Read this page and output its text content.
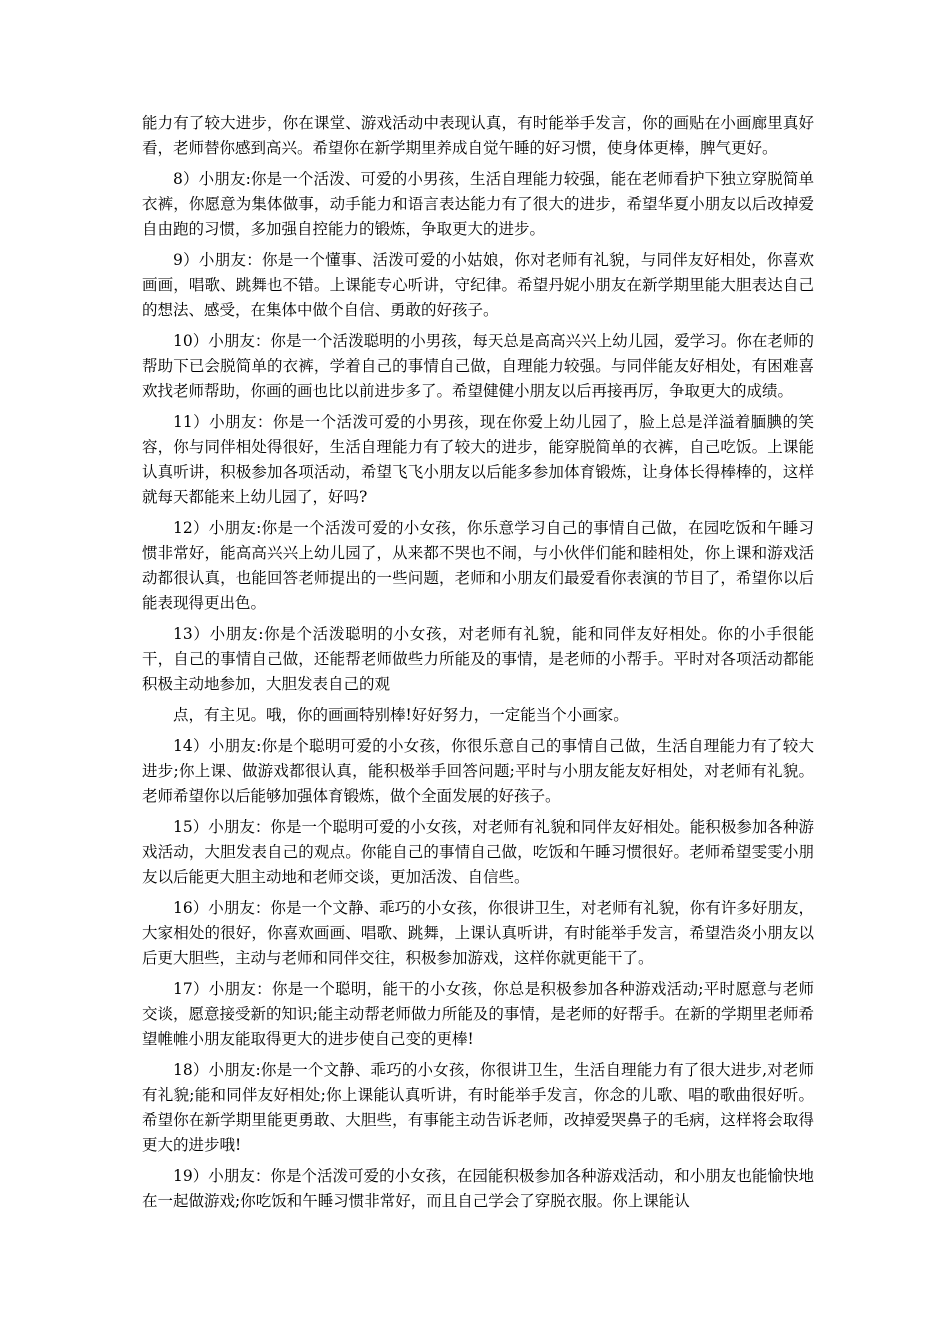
能力有了较大进步，你在课堂、游戏活动中表现认真，有时能举手发言，你的画贴在小画廊里真好看，老师替你感到高兴。希望你在新学期里养成自觉午睡的好习惯，使身体更棒，脾气更好。

8）小朋友:你是一个活泼、可爱的小男孩，生活自理能力较强，能在老师看护下独立穿脱简单衣裤，你愿意为集体做事，动手能力和语言表达能力有了很大的进步，希望华夏小朋友以后改掉爱自由跑的习惯，多加强自控能力的锻炼，争取更大的进步。

9）小朋友：你是一个懂事、活泼可爱的小姑娘，你对老师有礼貌，与同伴友好相处，你喜欢画画，唱歌、跳舞也不错。上课能专心听讲，守纪律。希望丹妮小朋友在新学期里能大胆表达自己的想法、感受，在集体中做个自信、勇敢的好孩子。

10）小朋友：你是一个活泼聪明的小男孩，每天总是高高兴兴上幼儿园，爱学习。你在老师的帮助下已会脱简单的衣裤，学着自己的事情自己做，自理能力较强。与同伴能友好相处，有困难喜欢找老师帮助，你画的画也比以前进步多了。希望健健小朋友以后再接再厉，争取更大的成绩。

11）小朋友：你是一个活泼可爱的小男孩，现在你爱上幼儿园了，脸上总是洋溢着腼腆的笑容，你与同伴相处得很好，生活自理能力有了较大的进步，能穿脱简单的衣裤，自己吃饭。上课能认真听讲，积极参加各项活动，希望飞飞小朋友以后能多参加体育锻炼，让身体长得棒棒的，这样就每天都能来上幼儿园了，好吗?

12）小朋友:你是一个活泼可爱的小女孩，你乐意学习自己的事情自己做，在园吃饭和午睡习惯非常好，能高高兴兴上幼儿园了，从来都不哭也不闹，与小伙伴们能和睦相处，你上课和游戏活动都很认真，也能回答老师提出的一些问题，老师和小朋友们最爱看你表演的节目了，希望你以后能表现得更出色。

13）小朋友:你是个活泼聪明的小女孩，对老师有礼貌，能和同伴友好相处。你的小手很能干，自己的事情自己做，还能帮老师做些力所能及的事情，是老师的小帮手。平时对各项活动都能积极主动地参加，大胆发表自己的观

点，有主见。哦，你的画画特别棒!好好努力，一定能当个小画家。

14）小朋友:你是个聪明可爱的小女孩，你很乐意自己的事情自己做，生活自理能力有了较大进步;你上课、做游戏都很认真，能积极举手回答问题;平时与小朋友能友好相处，对老师有礼貌。老师希望你以后能够加强体育锻炼，做个全面发展的好孩子。

15）小朋友：你是一个聪明可爱的小女孩，对老师有礼貌和同伴友好相处。能积极参加各种游戏活动，大胆发表自己的观点。你能自己的事情自己做，吃饭和午睡习惯很好。老师希望雯雯小朋友以后能更大胆主动地和老师交谈，更加活泼、自信些。

16）小朋友：你是一个文静、乖巧的小女孩，你很讲卫生，对老师有礼貌，你有许多好朋友，大家相处的很好，你喜欢画画、唱歌、跳舞，上课认真听讲，有时能举手发言，希望浩炎小朋友以后更大胆些，主动与老师和同伴交往，积极参加游戏，这样你就更能干了。

17）小朋友：你是一个聪明，能干的小女孩，你总是积极参加各种游戏活动;平时愿意与老师交谈，愿意接受新的知识;能主动帮老师做力所能及的事情，是老师的好帮手。在新的学期里老师希望帷帷小朋友能取得更大的进步使自己变的更棒!

18）小朋友:你是一个文静、乖巧的小女孩，你很讲卫生，生活自理能力有了很大进步,对老师有礼貌;能和同伴友好相处;你上课能认真听讲，有时能举手发言，你念的儿歌、唱的歌曲很好听。希望你在新学期里能更勇敢、大胆些，有事能主动告诉老师，改掉爱哭鼻子的毛病，这样将会取得更大的进步哦!

19）小朋友：你是个活泼可爱的小女孩，在园能积极参加各种游戏活动，和小朋友也能愉快地在一起做游戏;你吃饭和午睡习惯非常好，而且自己学会了穿脱衣服。你上课能认
